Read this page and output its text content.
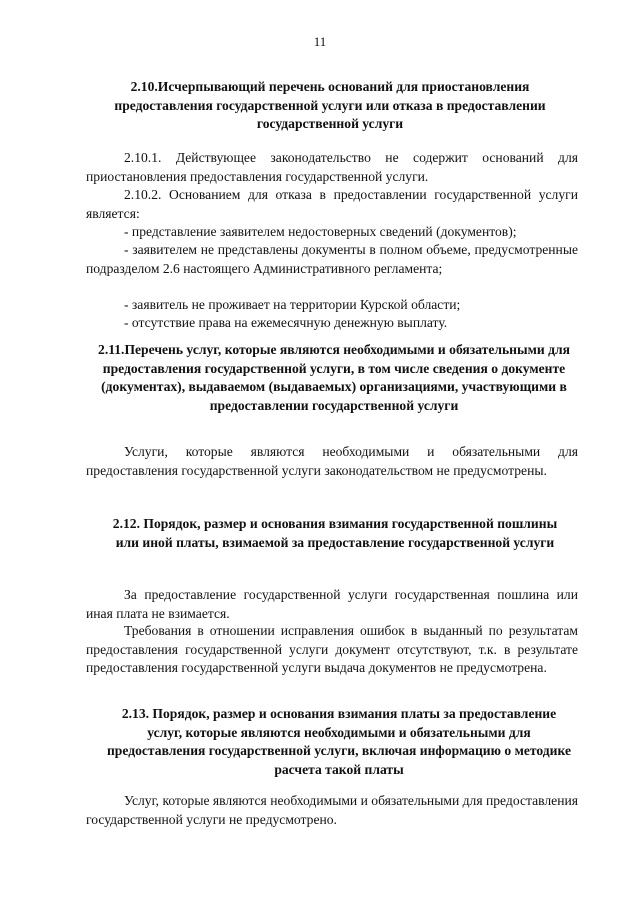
11

2.10.Исчерпывающий перечень оснований для приостановления предоставления государственной услуги или отказа в предоставлении государственной услуги

2.10.1. Действующее законодательство не содержит оснований для приостановления предоставления государственной услуги.

2.10.2. Основанием для отказа в предоставлении государственной услуги является:

- представление заявителем недостоверных сведений (документов);

- заявителем не представлены документы в полном объеме, предусмотренные подразделом 2.6 настоящего Административного регламента;

- заявитель не проживает на территории Курской области;

- отсутствие права на ежемесячную денежную выплату.

2.11.Перечень услуг, которые являются необходимыми и обязательными для предоставления государственной услуги, в том числе сведения о документе (документах), выдаваемом (выдаваемых) организациями, участвующими в предоставлении государственной услуги

Услуги, которые являются необходимыми и обязательными для предоставления государственной услуги законодательством не предусмотрены.

2.12. Порядок, размер и основания взимания государственной пошлины или иной платы, взимаемой за предоставление государственной услуги

За предоставление государственной услуги государственная пошлина или иная плата не взимается.

Требования в отношении исправления ошибок в выданный по результатам предоставления государственной услуги документ отсутствуют, т.к. в результате предоставления государственной услуги выдача документов не предусмотрена.

2.13. Порядок, размер и основания взимания платы за предоставление услуг, которые являются необходимыми и обязательными для предоставления государственной услуги, включая информацию о методике расчета такой платы

Услуг, которые являются необходимыми и обязательными для предоставления государственной услуги не предусмотрено.
